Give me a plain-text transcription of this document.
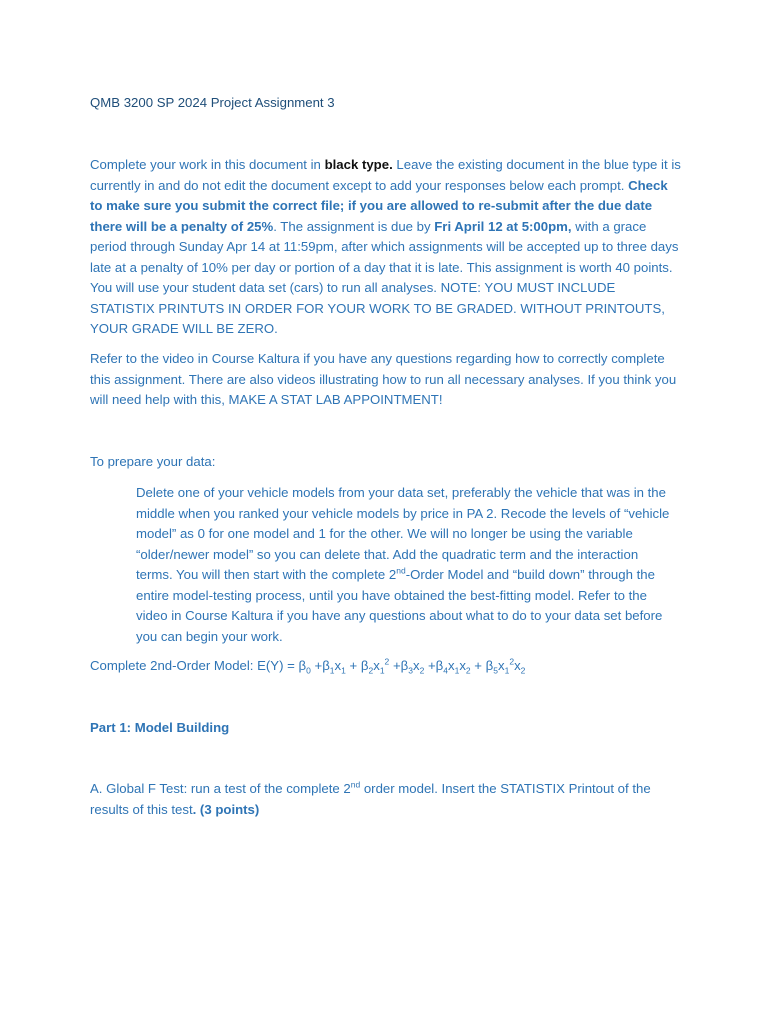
QMB 3200 SP 2024 Project Assignment 3

Complete your work in this document in black type. Leave the existing document in the blue type it is currently in and do not edit the document except to add your responses below each prompt. Check to make sure you submit the correct file; if you are allowed to re-submit after the due date there will be a penalty of 25%. The assignment is due by Fri April 12 at 5:00pm, with a grace period through Sunday Apr 14 at 11:59pm, after which assignments will be accepted up to three days late at a penalty of 10% per day or portion of a day that it is late. This assignment is worth 40 points. You will use your student data set (cars) to run all analyses. NOTE: YOU MUST INCLUDE STATISTIX PRINTUTS IN ORDER FOR YOUR WORK TO BE GRADED. WITHOUT PRINTOUTS, YOUR GRADE WILL BE ZERO.

Refer to the video in Course Kaltura if you have any questions regarding how to correctly complete this assignment. There are also videos illustrating how to run all necessary analyses. If you think you will need help with this, MAKE A STAT LAB APPOINTMENT!

To prepare your data:

Delete one of your vehicle models from your data set, preferably the vehicle that was in the middle when you ranked your vehicle models by price in PA 2. Recode the levels of “vehicle model” as 0 for one model and 1 for the other. We will no longer be using the variable “older/newer model” so you can delete that. Add the quadratic term and the interaction terms. You will then start with the complete 2nd-Order Model and “build down” through the entire model-testing process, until you have obtained the best-fitting model. Refer to the video in Course Kaltura if you have any questions about what to do to your data set before you can begin your work.

Complete 2nd-Order Model: $E(Y) = \beta_0 +\beta_1x_1 + \beta_2x_1^2 +\beta_3x_2 +\beta_4x_1x_2 + \beta_5x_1^2x_2$

Part 1: Model Building

A. Global F Test: run a test of the complete 2nd order model. Insert the STATISTIX Printout of the results of this test. (3 points)
